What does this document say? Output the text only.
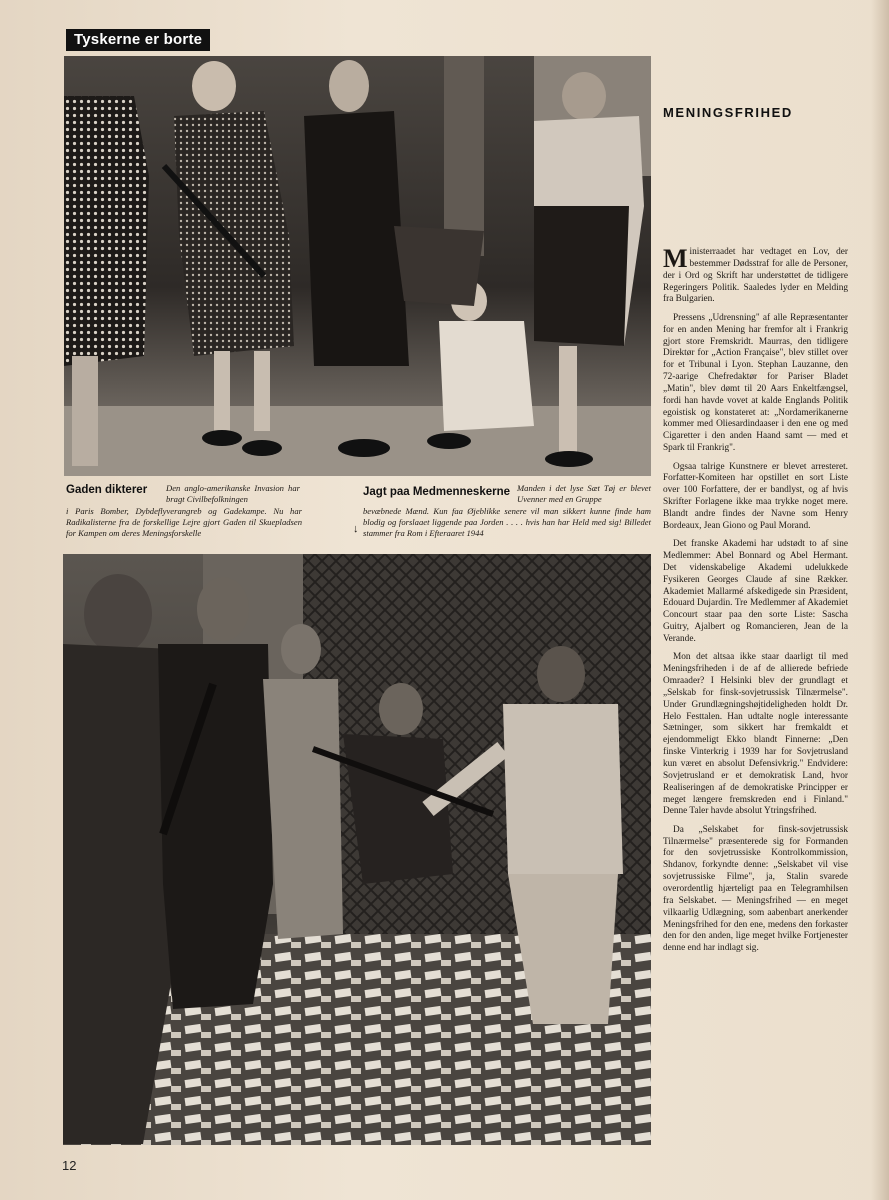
Tyskerne er borte
Gaden dikterer Den anglo-amerikanske Invasion har bragt Civilbefolkningen
i Paris Bomber, Dybdeflyverangreb og Gadekampe. Nu har Radikalisterne fra de forskellige Lejre gjort Gaden til Skuepladsen for Kampen om deres Meningsforskelle
Jagt paa Medmenneskerne Manden i det lyse Sæt Tøj er blevet Uvenner med en Gruppe
↓
bevæbnede Mænd. Kun faa Øjeblikke senere vil man sikkert kunne finde ham blodig og forslaaet liggende paa Jorden . . . . hvis han har Held med sig! Billedet stammer fra Rom i Efteraaret 1944
MENINGSFRIHED

Ministerraadet har vedtaget en Lov, der bestemmer Dødsstraf for alle de Personer, der i Ord og Skrift har understøttet de tidligere Regeringers Politik. Saaledes lyder en Melding fra Bulgarien.

Pressens „Udrensning" af alle Repræsentanter for en anden Mening har fremfor alt i Frankrig gjort store Fremskridt. Maurras, den tidligere Direktør for „Action Française", blev stillet over for et Tribunal i Lyon. Stephan Lauzanne, den 72-aarige Chefredaktør for Pariser Bladet „Matin", blev dømt til 20 Aars Enkeltfængsel, fordi han havde vovet at kalde Englands Politik egoistisk og konstateret at: „Nordamerikanerne kommer med Oliesardindaaser i den ene og med Cigaretter i den anden Haand samt — med et Spark til Frankrig".

Ogsaa talrige Kunstnere er blevet arresteret. Forfatter-Komiteen har opstillet en sort Liste over 100 Forfattere, der er bandlyst, og af hvis Skrifter Forlagene ikke maa trykke noget mere. Blandt andre findes der Navne som Henry Bordeaux, Jean Giono og Paul Morand.

Det franske Akademi har udstødt to af sine Medlemmer: Abel Bonnard og Abel Hermant. Det videnskabelige Akademi udelukkede Fysikeren Georges Claude af sine Rækker. Akademiet Mallarmé afskedigede sin Præsident, Edouard Dujardin. Tre Medlemmer af Akademiet Concourt staar paa den sorte Liste: Sascha Guitry, Ajalbert og Romancieren, Jean de la Verande.

Mon det altsaa ikke staar daarligt til med Meningsfriheden i de af de allierede befriede Omraader? I Helsinki blev der grundlagt et „Selskab for finsk-sovjetrussisk Tilnærmelse". Under Grundlægningshøjtideligheden holdt Dr. Helo Festtalen. Han udtalte nogle interessante Sætninger, som sikkert har fremkaldt et ejendommeligt Ekko blandt Finnerne: „Den finske Vinterkrig i 1939 har for Sovjetrusland kun været en absolut Defensivkrig." Endvidere: Sovjetrusland er et demokratisk Land, hvor Realiseringen af de demokratiske Principper er meget længere fremskreden end i Finland." Denne Taler havde absolut Ytringsfrihed.

Da „Selskabet for finsk-sovjetrussisk Tilnærmelse" præsenterede sig for Formanden for den sovjetrussiske Kontrolkommission, Shdanov, forkyndte denne: „Selskabet vil vise sovjetrussiske Filme", ja, Stalin svarede overordentlig hjærteligt paa en Telegramhilsen fra Selskabet. — Meningsfrihed — en meget vilkaarlig Udlægning, som aabenbart anerkender Meningsfrihed for den ene, medens den forkaster den for den anden, lige meget hvilke Fortjenester denne end har indlagt sig.

12
